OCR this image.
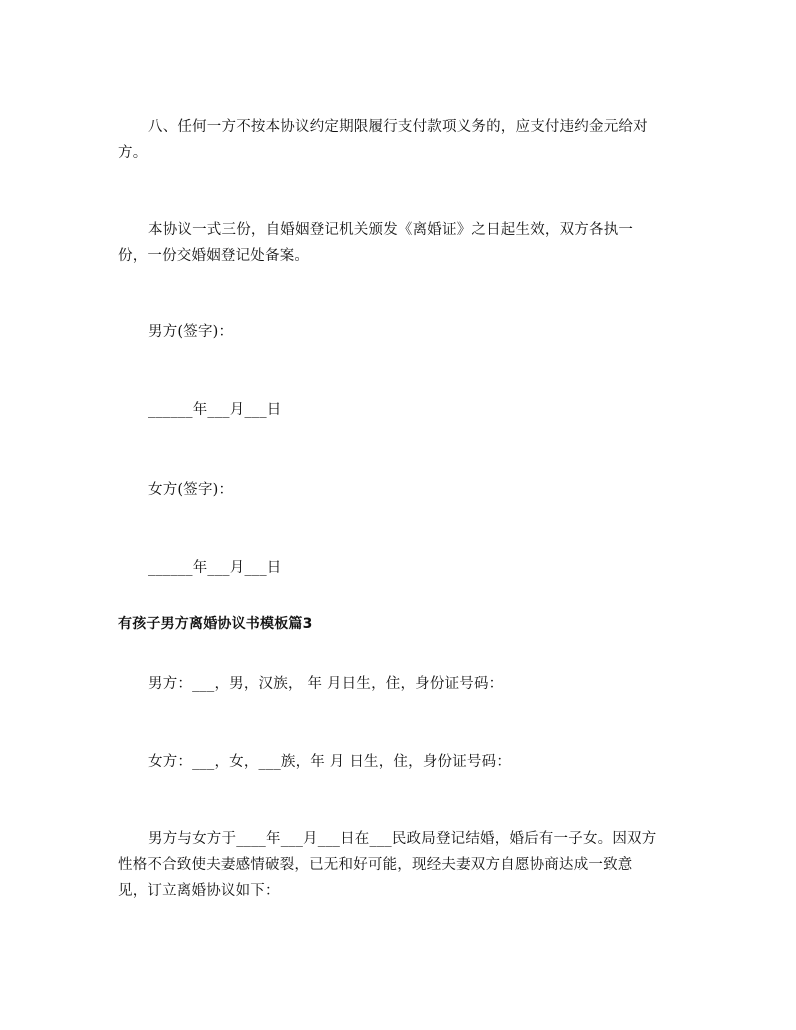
八、任何一方不按本协议约定期限履行支付款项义务的，应支付违约金元给对
方。
本协议一式三份，自婚姻登记机关颁发《离婚证》之日起生效，双方各执一
份，一份交婚姻登记处备案。
男方(签字)：
______年___月___日
女方(签字)：
______年___月___日
有孩子男方离婚协议书模板篇3
男方：___，男，汉族， 年 月日生，住，身份证号码：
女方：___，女，___族，年 月 日生，住，身份证号码：
男方与女方于____年___月___日在___民政局登记结婚，婚后有一子女。因双方
性格不合致使夫妻感情破裂，已无和好可能，现经夫妻双方自愿协商达成一致意
见，订立离婚协议如下：
